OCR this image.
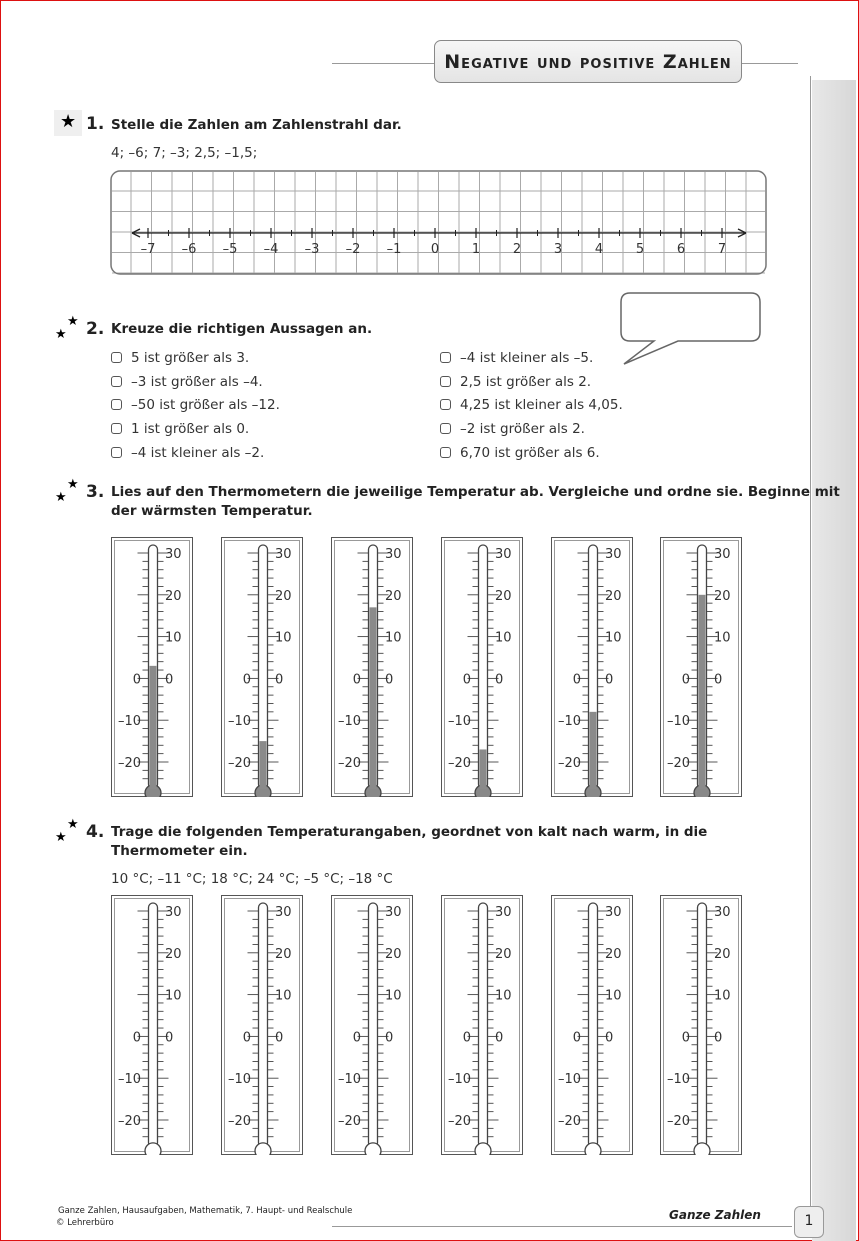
Negative und positive Zahlen
★ 1. Stelle die Zahlen am Zahlenstrahl dar.
4; –6; 7; –3; 2,5; –1,5;
–7 –6 –5 –4 –3 –2 –1 0	1	2	3	4	5	6	7
★
★ 2. Kreuze die richtigen Aussagen an.
5 ist größer als 3.
–3 ist größer als –4.
–50 ist größer als –12.
1 ist größer als 0.
–4 ist kleiner als –2.
–4 ist kleiner als –5.
2,5 ist größer als 2.
4,25 ist kleiner als 4,05.
–2 ist größer als 2.
6,70 ist größer als 6.
★
★ 3. Lies auf den Thermometern die jeweilige Temperatur ab. Vergleiche und ordne sie. Beginne mit
der wärmsten Temperatur.
30
20
10
0
0
–10
–20
30
20
10
0
0
–10
–20
30
20
10
0
0
–10
–20
30
20
10
0
0
–10
–20
30
20
10
0
0
–10
–20
30
20
10
0
0
–10
–20
★
★ 4. Trage die folgenden Temperaturangaben, geordnet von kalt nach warm, in die
Thermometer ein.
10 °C; –11 °C; 18 °C; 24 °C; –5 °C; –18 °C
30
20
10
0
0
–10
–20
30
20
10
0
0
–10
–20
30
20
10
0
0
–10
–20
30
20
10
0
0
–10
–20
30
20
10
0
0
–10
–20
30
20
10
0
0
–10
–20
Ganze Zahlen, Hausaufgaben, Mathematik, 7. Haupt- und Realschule
© Lehrerbüro
Ganze Zahlen	1
